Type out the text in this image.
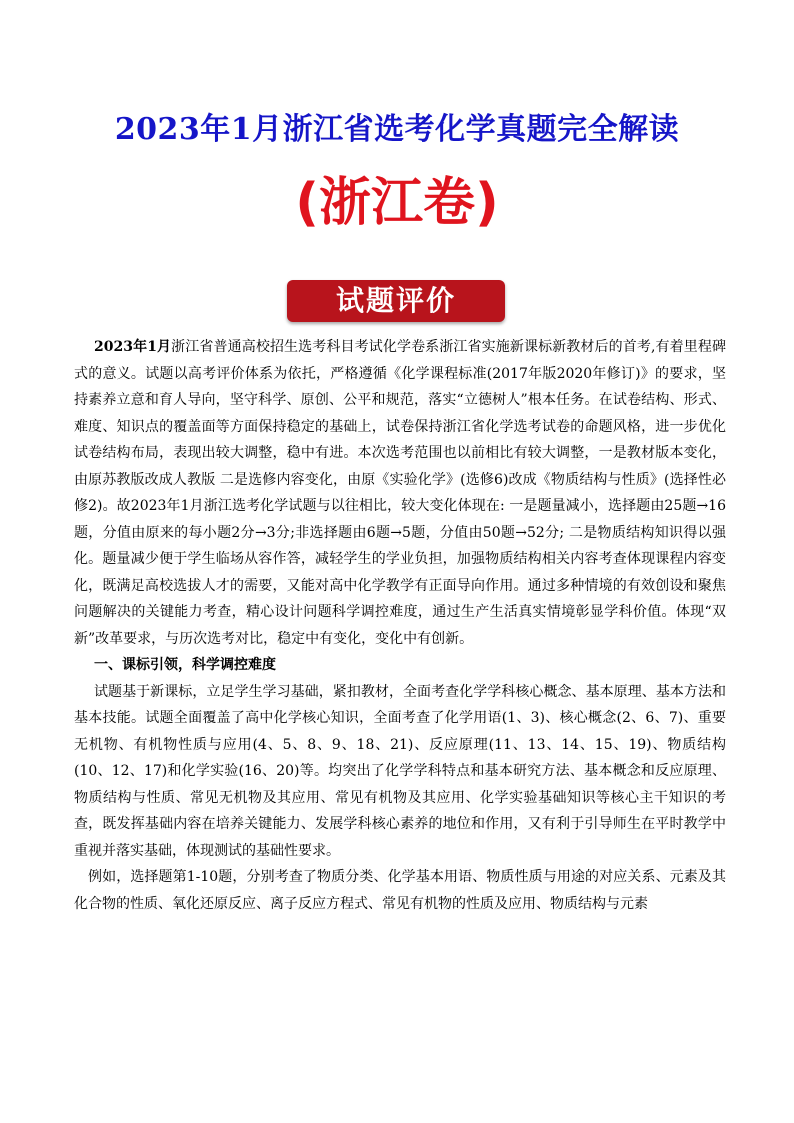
2023年1月浙江省选考化学真题完全解读
(浙江卷)
试题评价

2023年1月浙江省普通高校招生选考科目考试化学卷系浙江省实施新课标新教材后的首考,有着里程碑式的意义。试题以高考评价体系为依托，严格遵循《化学课程标准(2017年版2020年修订)》的要求，坚持素养立意和育人导向，坚守科学、原创、公平和规范，落实“立德树人”根本任务。在试卷结构、形式、难度、知识点的覆盖面等方面保持稳定的基础上，试卷保持浙江省化学选考试卷的命题风格，进一步优化试卷结构布局，表现出较大调整，稳中有进。本次选考范围也以前相比有较大调整，一是教材版本变化，由原苏教版改成人教版 二是选修内容变化，由原《实验化学》(选修6)改成《物质结构与性质》(选择性必修2)。故2023年1月浙江选考化学试题与以往相比，较大变化体现在: 一是题量减小，选择题由25题→16题，分值由原来的每小题2分→3分;非选择题由6题→5题，分值由50题→52分; 二是物质结构知识得以强化。题量减少便于学生临场从容作答，减轻学生的学业负担，加强物质结构相关内容考查体现课程内容变化，既满足高校选拔人才的需要，又能对高中化学教学有正面导向作用。通过多种情境的有效创设和聚焦问题解决的关键能力考查，精心设计问题科学调控难度，通过生产生活真实情境彰显学科价值。体现“双新”改革要求，与历次选考对比，稳定中有变化，变化中有创新。

一、课标引领，科学调控难度

试题基于新课标，立足学生学习基础，紧扣教材，全面考查化学学科核心概念、基本原理、基本方法和基本技能。试题全面覆盖了高中化学核心知识，全面考查了化学用语(1、3)、核心概念(2、6、7)、重要无机物、有机物性质与应用(4、5、8、9、18、21)、反应原理(11、13、14、15、19)、物质结构(10、12、17)和化学实验(16、20)等。均突出了化学学科特点和基本研究方法、基本概念和反应原理、物质结构与性质、常见无机物及其应用、常见有机物及其应用、化学实验基础知识等核心主干知识的考查，既发挥基础内容在培养关键能力、发展学科核心素养的地位和作用，又有利于引导师生在平时教学中重视并落实基础，体现测试的基础性要求。

例如，选择题第1-10题，分别考查了物质分类、化学基本用语、物质性质与用途的对应关系、元素及其化合物的性质、氧化还原反应、离子反应方程式、常见有机物的性质及应用、物质结构与元素
